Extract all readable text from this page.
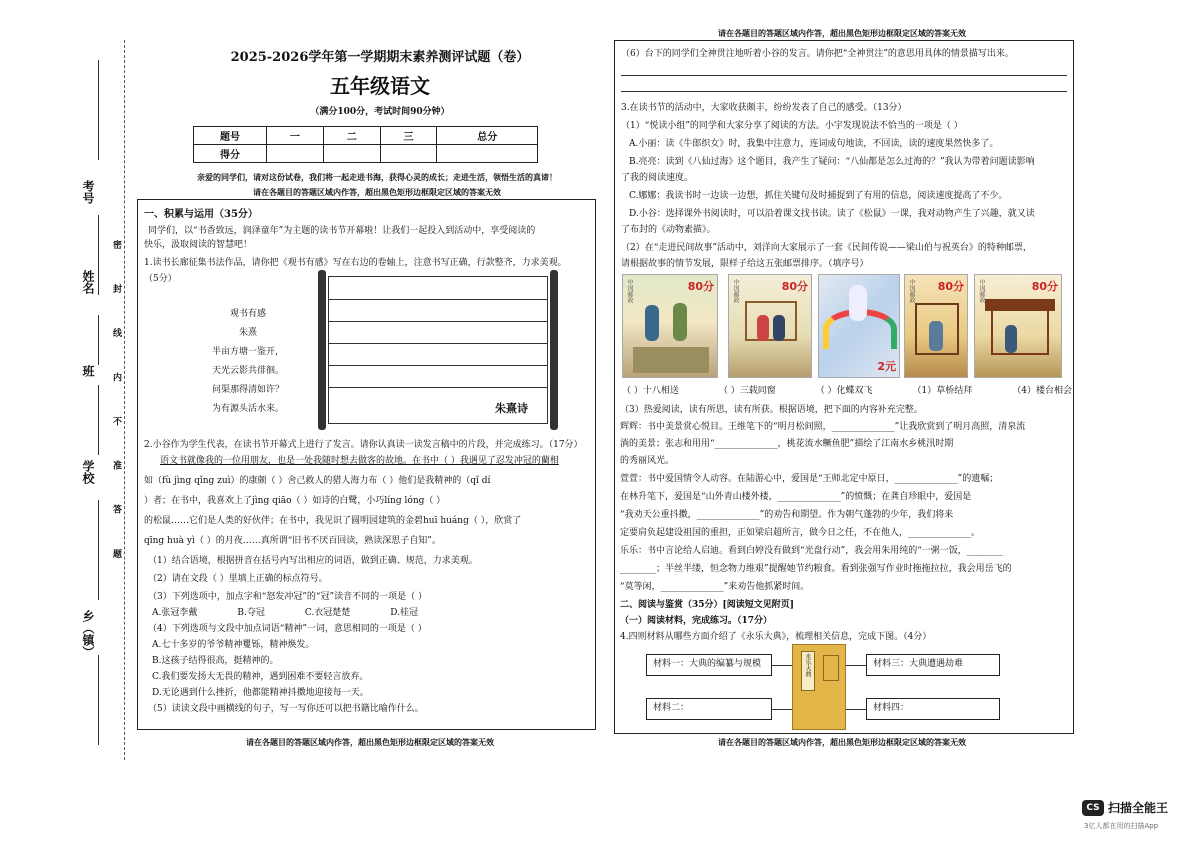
考号
姓名
班
学校
乡（镇）
密 封 线 内 不 准 答 题
2025-2026学年第一学期期末素养测评试题（卷）
五年级语文
（满分100分，考试时间90分钟）
题号	一	二	三	总分
得分				
亲爱的同学们，请对这份试卷，我们将一起走进书海，获得心灵的成长；走进生活，领悟生活的真谛！
请在各题目的答题区域内作答，超出黑色矩形边框限定区域的答案无效
一、积累与运用（35分）
同学们，以“书香致远，润泽童年”为主题的读书节开幕啦！让我们一起投入到活动中，享受阅读的
快乐，汲取阅读的智慧吧！
1.读书长廊征集书法作品，请你把《观书有感》写在右边的卷轴上，注意书写正确，行款整齐，力求美观。
（5分）
观书有感
朱熹
半亩方塘一鉴开，
天光云影共徘徊。
问渠那得清如许？
为有源头活水来。	朱熹诗
2.小谷作为学生代表，在读书节开幕式上进行了发言。请你认真读一读发言稿中的片段，并完成练习。（17分）
语文书就像我的一位用朋友，也是一处我随时想去做客的故地。在书中（ ）我遇见了忍发冲冠的藺相
如（fù jìng qǐng zuì）的康颇（ ）舍己救人的猎人海力布（ ）他们是我精神的（qǐ dí
）者；在书中，我喜欢上了jìng qiāo（ ）如诗的白鹭，小巧líng lóng（ ）
的松鼠……它们是人类的好伙伴；在书中，我见识了圆明园建筑的金碧huī huáng（ ），欣赏了
qīng huà yì（ ）的月夜……真所谓“旧书不厌百回读，熟读深思子自知”。
（1）结合语境，根据拼音在括号内写出相应的词语，做到正确、规范，力求美观。
（2）请在文段（ ）里填上正确的标点符号。
（3）下列选项中，加点字和“怒发冲冠”的“冠”读音不同的一项是（ ）
A.张冠李戴	B.夺冠	C.衣冠楚楚	D.桂冠
（4）下列选项与文段中加点词语“精神”一词，意思相同的一项是（ ）
A.七十多岁的爷爷精神矍铄，精神焕发。
B.这孩子结得很高，挺精神的。
C.我们要发扬大无畏的精神，遇到困难不要轻言放弃。
D.无论遇到什么挫折，他都能精神抖擞地迎接每一天。
（5）读读文段中画横线的句子，写一写你还可以把书籍比喻作什么。
请在各题目的答题区域内作答，超出黑色矩形边框限定区域的答案无效
请在各题目的答题区域内作答，超出黑色矩形边框限定区域的答案无效
（6）台下的同学们全神贯注地听着小谷的发言。请你把“全神贯注”的意思用具体的情景描写出来。
3.在读书节的活动中，大家收获颇丰，纷纷发表了自己的感受。（13分）
（1）“悦读小组”的同学和大家分享了阅读的方法。小宇发现说法不恰当的一项是（ ）
A.小丽：读《牛郎织女》时，我集中注意力，连词成句地读，不回读，读的速度果然快多了。
B.亮亮：读到《八仙过海》这个题目，我产生了疑问：“八仙都是怎么过海的？”我认为带着问题读影响
了我的阅读速度。
C.娜娜：我读书时一边读一边想，抓住关键句及时捕捉到了有用的信息，阅读速度提高了不少。
D.小谷：选择课外书阅读时，可以沿着课文找书读。读了《松鼠》一课，我对动物产生了兴趣，就又读
了布封的《动物素描》。
（2）在“走进民间故事”活动中，刘洋向大家展示了一套《民间传说——梁山伯与祝英台》的特种邮票，
请根据故事的情节发展，限样子给这五张邮票排序。（填序号）
中国邮政	80分	中国邮政	80分
2元
中国邮政 80分 中国邮政	80分
（ ）十八相送	（ ）三载同窗	（ ）化蝶双飞	（1）草桥结拜	（4）楼台相会
（3）热爱阅读，读有所思，读有所获。根据语境，把下面的内容补充完整。
辉辉：书中美景赏心悦目。王维笔下的“明月松间照，______________”让我欣赏到了明月高照，清泉流
淌的美景；张志和用用“______________，桃花流水鳜鱼肥”描绘了江南水乡桃汛时期
的秀丽风光。
萱萱：书中爱国情令人动容。在陆游心中，爱国是“王师北定中原日，______________”的遗嘱；
在林升笔下，爱国是“山外青山楼外楼，______________”的愤慨；在龚自珍眼中，爱国是
“我劝天公重抖擞，______________”的劝告和期望。作为朝气蓬勃的少年，我们将来
定要肩负起建设祖国的重担，正如梁启超所言，做今日之任，不在他人，______________。
乐乐：书中言论给人启迪。看到白婷没有做到“光盘行动”，我会用朱用纯的“一粥一饭，________
________；半丝半缕，恒念物力维艰”提醒她节约粮食。看到张强写作业时拖拖拉拉，我会用岳飞的
“莫等闲，______________”来劝告他抓紧时间。
二、阅读与鉴赏（35分）[阅读短文见附页]
（一）阅读材料，完成练习。（17分）
4.四则材料从哪些方面介绍了《永乐大典》，梳理相关信息，完成下图。（4分）
材料一：大典的编纂与规模
材料二：
材料三：大典遭遇劫难
材料四：
永乐大典
请在各题目的答题区域内作答，超出黑色矩形边框限定区域的答案无效
CS 扫描全能王
3亿人都在用的扫描App
